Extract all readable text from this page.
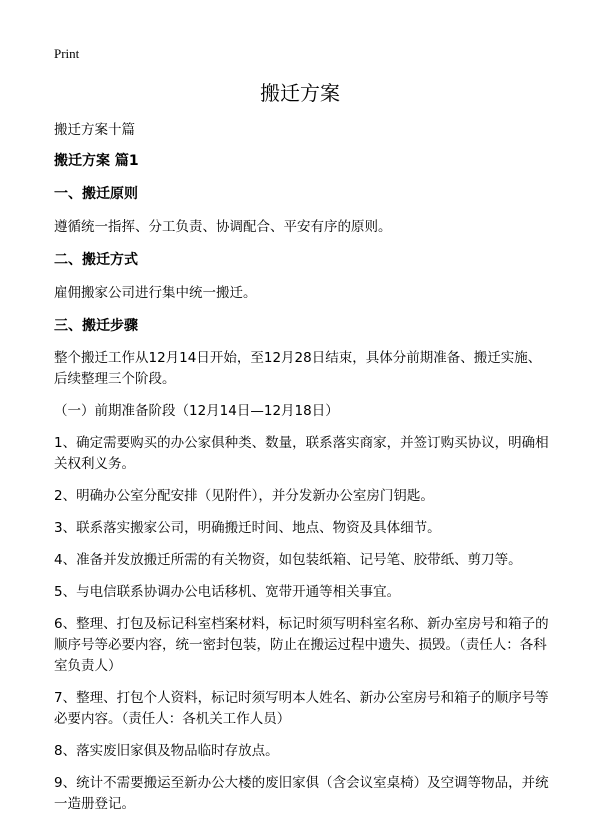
Print
搬迁方案

搬迁方案十篇

搬迁方案 篇1

一、搬迁原则

遵循统一指挥、分工负责、协调配合、平安有序的原则。

二、搬迁方式

雇佣搬家公司进行集中统一搬迁。

三、搬迁步骤

整个搬迁工作从12月14日开始，至12月28日结束，具体分前期准备、搬迁实施、后续整理三个阶段。

（一）前期准备阶段（12月14日—12月18日）

1、确定需要购买的办公家俱种类、数量，联系落实商家，并签订购买协议，明确相关权利义务。

2、明确办公室分配安排（见附件），并分发新办公室房门钥匙。

3、联系落实搬家公司，明确搬迁时间、地点、物资及具体细节。

4、准备并发放搬迁所需的有关物资，如包装纸箱、记号笔、胶带纸、剪刀等。

5、与电信联系协调办公电话移机、宽带开通等相关事宜。

6、整理、打包及标记科室档案材料，标记时须写明科室名称、新办室房号和箱子的顺序号等必要内容，统一密封包装，防止在搬运过程中遗失、损毁。（责任人：各科室负责人）

7、整理、打包个人资料，标记时须写明本人姓名、新办公室房号和箱子的顺序号等必要内容。（责任人：各机关工作人员）

8、落实废旧家俱及物品临时存放点。

9、统计不需要搬运至新办公大楼的废旧家俱（含会议室桌椅）及空调等物品，并统一造册登记。
